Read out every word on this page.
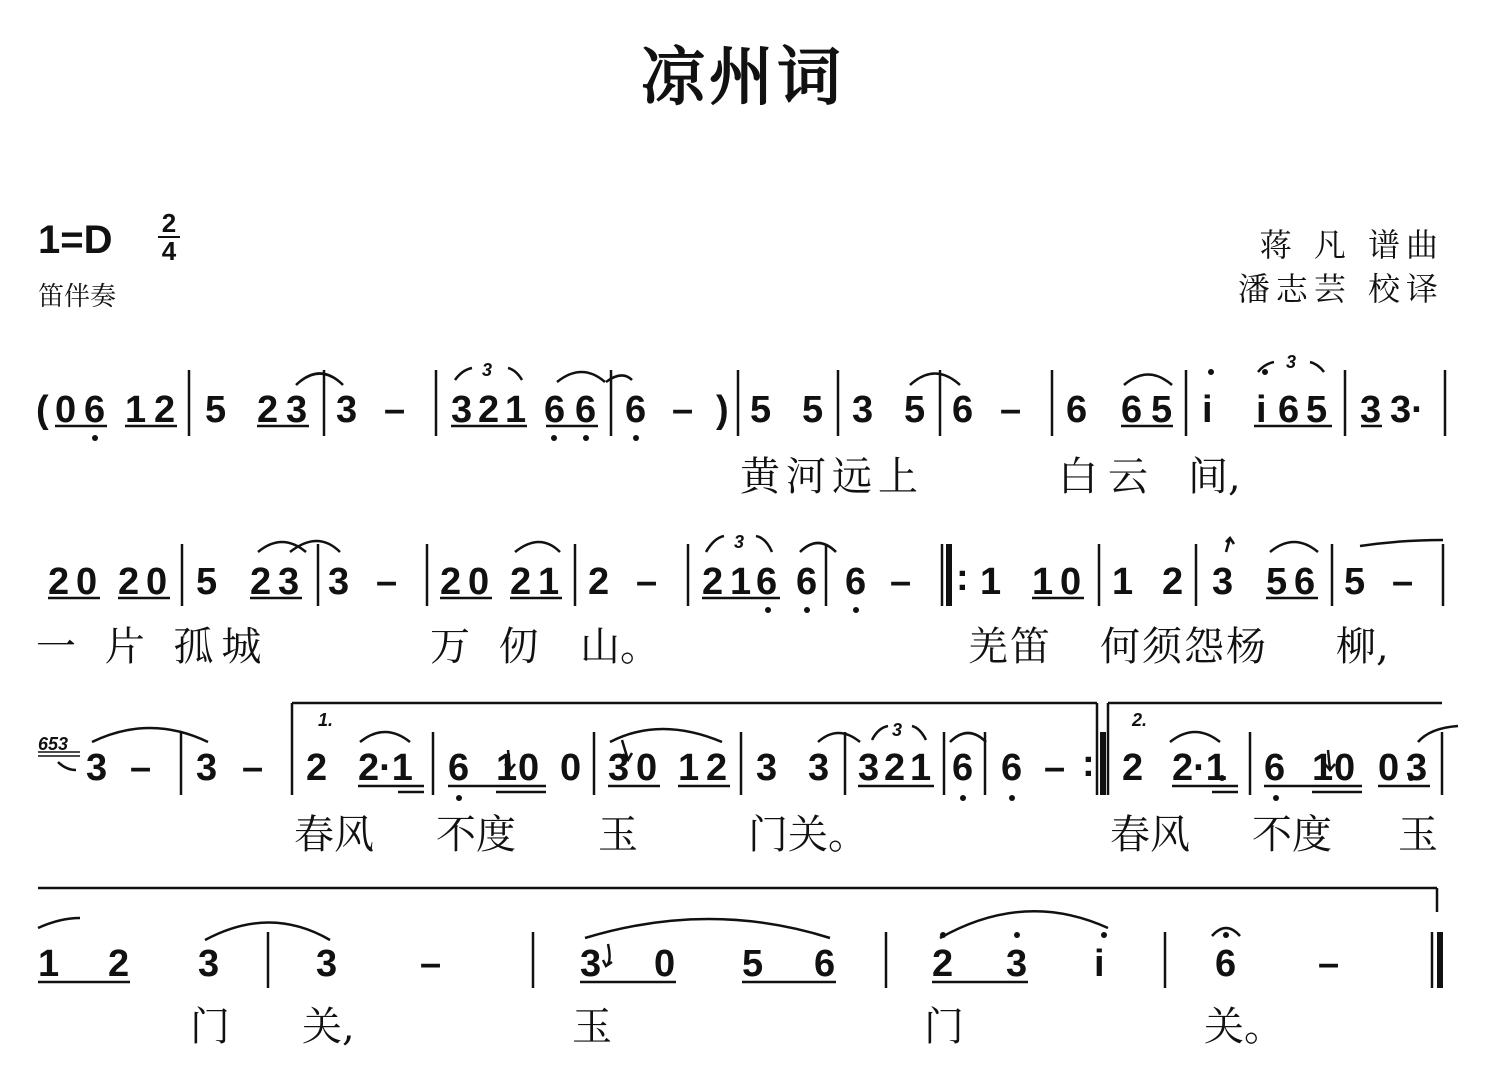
凉州词
1=D 2
4
笛伴奏
蒋 凡 谱曲
潘志芸 校译
( 0 6 1 2 5 2 3 3 – 3 2 1 6 6 6 – ) 5 5 3 5 6 – 6 6 5 i i 6 5 3 3·
3	3
黄河远上	白云 间,
2 0 2 0 5 2 3 3 – 2 0 2 1 2 – 2 1 6 6 6 – 1 1 0 1 2 3 5 6 5 –
3
:
一 片 孤城	万 仞 山。	羌笛 何须怨杨 柳,
653
3 – 3 – 2 2·1 6 1 0 0 3 0 1 2 3 3 3 2 1 6 6 – 2 2·1 6 1 0 0 3
:
3
1.	2.
春风 不度 玉	门关。	春风 不度 玉
1 2 3	3 –	3 0 5 6	2 3 i	6 –
门 关,	玉	门	关。
